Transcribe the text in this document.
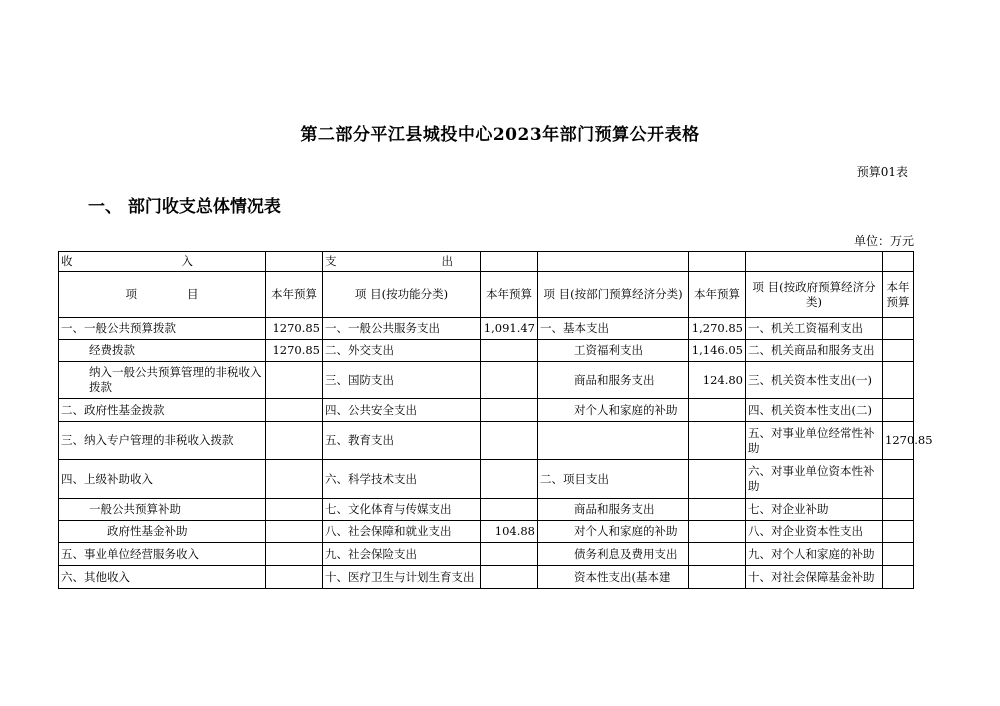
第二部分平江县城投中心2023年部门预算公开表格
预算01表
一、 部门收支总体情况表
单位：万元
收 入		支 出					

项 目	本年预算	项 目(按功能分类)	本年预算	项 目(按部门预算经济分类)	本年预算	项 目(按政府预算经济分类)	本年预算
一、一般公共预算拨款	1270.85	一、一般公共服务支出	1,091.47	一、基本支出	1,270.85	一、机关工资福利支出	
经费拨款	1270.85	二、外交支出		工资福利支出	1,146.05	二、机关商品和服务支出	
纳入一般公共预算管理的非税收入拨款		三、国防支出		商品和服务支出	124.80	三、机关资本性支出(一)	
二、政府性基金拨款		四、公共安全支出		对个人和家庭的补助		四、机关资本性支出(二)	
三、纳入专户管理的非税收入拨款		五、教育支出				五、对事业单位经常性补助	1270.85
四、上级补助收入		六、科学技术支出		二、项目支出		六、对事业单位资本性补助	
一般公共预算补助		七、文化体育与传媒支出		商品和服务支出		七、对企业补助	
政府性基金补助		八、社会保障和就业支出	104.88	对个人和家庭的补助		八、对企业资本性支出	
五、事业单位经营服务收入		九、社会保险支出		债务利息及费用支出		九、对个人和家庭的补助	
六、其他收入		十、医疗卫生与计划生育支出		资本性支出(基本建		十、对社会保障基金补助	
